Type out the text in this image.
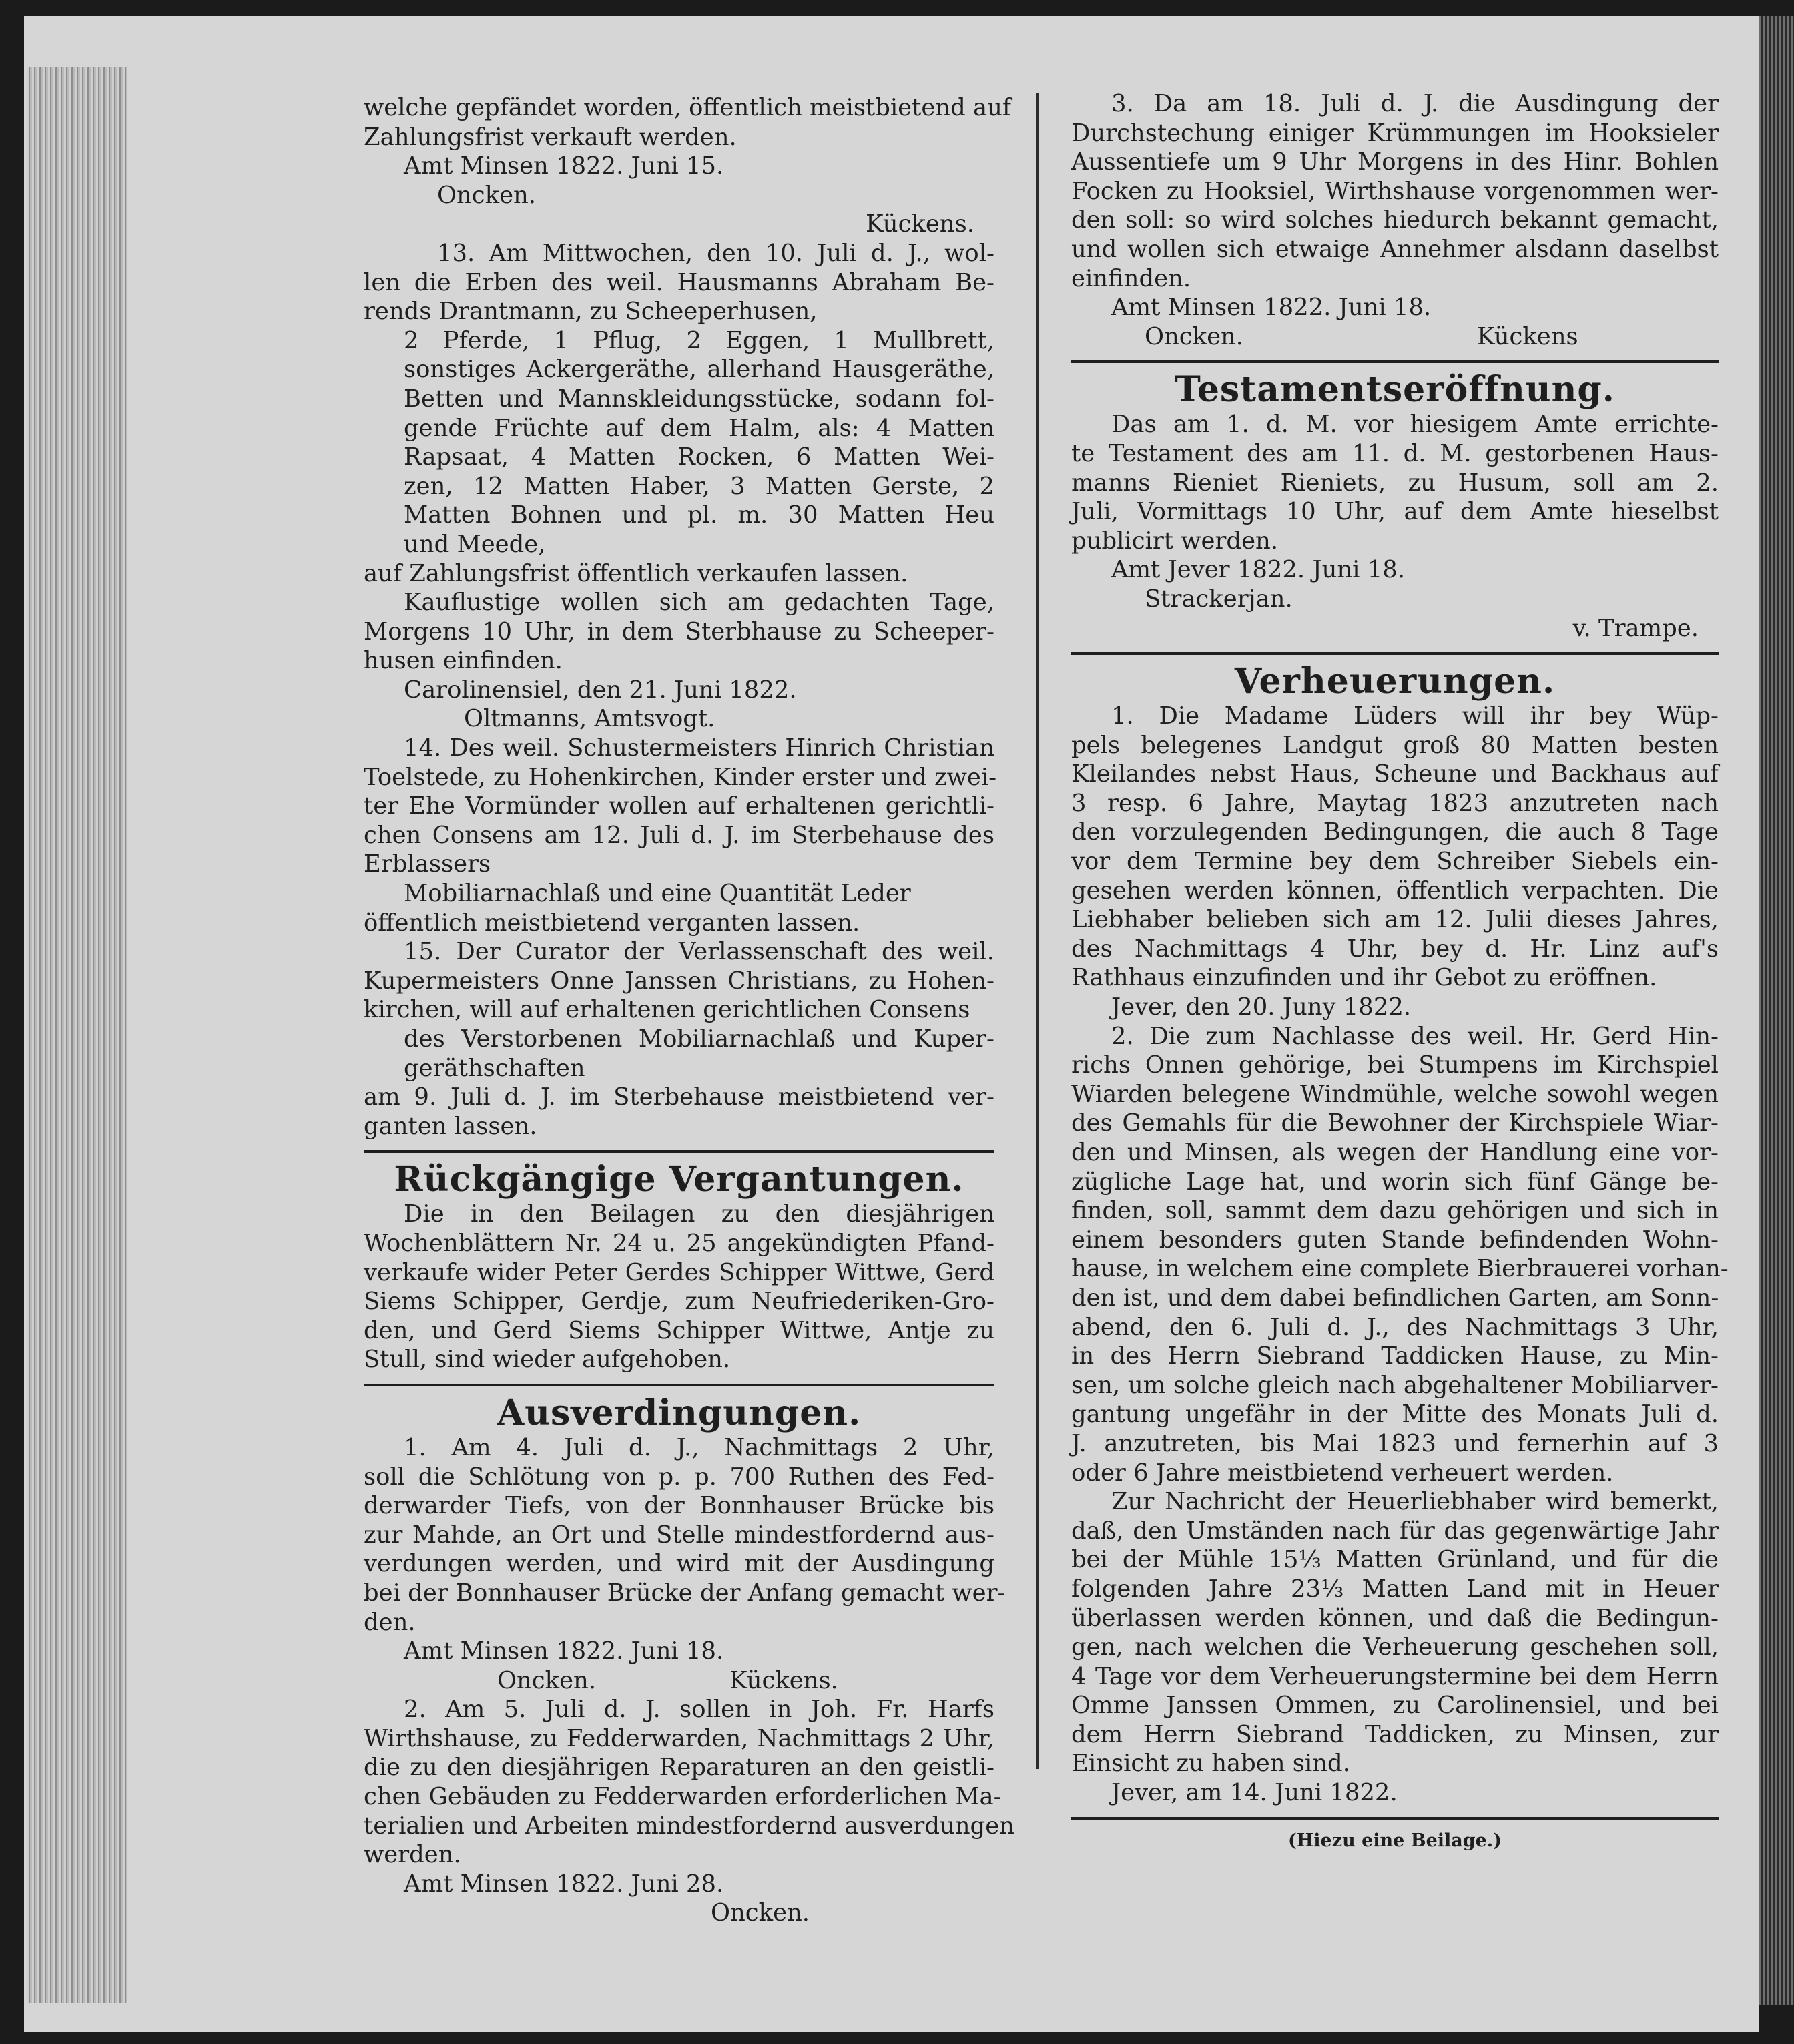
welche gepfändet worden, öffentlich meistbietend auf
Zahlungsfrist verkauft werden.
Amt Minsen 1822. Juni 15.
Oncken.
Kückens.
13. Am Mittwochen, den 10. Juli d. J., wol-
len die Erben des weil. Hausmanns Abraham Be-
rends Drantmann, zu Scheeperhusen,
2 Pferde, 1 Pflug, 2 Eggen, 1 Mullbrett,
sonstiges Ackergeräthe, allerhand Hausgeräthe,
Betten und Mannskleidungsstücke, sodann fol-
gende Früchte auf dem Halm, als: 4 Matten
Rapsaat, 4 Matten Rocken, 6 Matten Wei-
zen, 12 Matten Haber, 3 Matten Gerste, 2
Matten Bohnen und pl. m. 30 Matten Heu
und Meede,
auf Zahlungsfrist öffentlich verkaufen lassen.
Kauflustige wollen sich am gedachten Tage,
Morgens 10 Uhr, in dem Sterbhause zu Scheeper-
husen einfinden.
Carolinensiel, den 21. Juni 1822.
Oltmanns, Amtsvogt.
14. Des weil. Schustermeisters Hinrich Christian
Toelstede, zu Hohenkirchen, Kinder erster und zwei-
ter Ehe Vormünder wollen auf erhaltenen gerichtli-
chen Consens am 12. Juli d. J. im Sterbehause des
Erblassers
Mobiliarnachlaß und eine Quantität Leder
öffentlich meistbietend verganten lassen.
15. Der Curator der Verlassenschaft des weil.
Kupermeisters Onne Janssen Christians, zu Hohen-
kirchen, will auf erhaltenen gerichtlichen Consens
des Verstorbenen Mobiliarnachlaß und Kuper-
geräthschaften
am 9. Juli d. J. im Sterbehause meistbietend ver-
ganten lassen.
Rückgängige Vergantungen.
Die in den Beilagen zu den diesjährigen
Wochenblättern Nr. 24 u. 25 angekündigten Pfand-
verkaufe wider Peter Gerdes Schipper Wittwe, Gerd
Siems Schipper, Gerdje, zum Neufriederiken-Gro-
den, und Gerd Siems Schipper Wittwe, Antje zu
Stull, sind wieder aufgehoben.
Ausverdingungen.
1. Am 4. Juli d. J., Nachmittags 2 Uhr,
soll die Schlötung von p. p. 700 Ruthen des Fed-
derwarder Tiefs, von der Bonnhauser Brücke bis
zur Mahde, an Ort und Stelle mindestfordernd aus-
verdungen werden, und wird mit der Ausdingung
bei der Bonnhauser Brücke der Anfang gemacht wer-
den.
Amt Minsen 1822. Juni 18.
Oncken.	Kückens.
2. Am 5. Juli d. J. sollen in Joh. Fr. Harfs
Wirthshause, zu Fedderwarden, Nachmittags 2 Uhr,
die zu den diesjährigen Reparaturen an den geistli-
chen Gebäuden zu Fedderwarden erforderlichen Ma-
terialien und Arbeiten mindestfordernd ausverdungen
werden.
Amt Minsen 1822. Juni 28.
Oncken.
3. Da am 18. Juli d. J. die Ausdingung der
Durchstechung einiger Krümmungen im Hooksieler
Aussentiefe um 9 Uhr Morgens in des Hinr. Bohlen
Focken zu Hooksiel, Wirthshause vorgenommen wer-
den soll: so wird solches hiedurch bekannt gemacht,
und wollen sich etwaige Annehmer alsdann daselbst
einfinden.
Amt Minsen 1822. Juni 18.
Oncken.	Kückens
Testamentseröffnung.
Das am 1. d. M. vor hiesigem Amte errichte-
te Testament des am 11. d. M. gestorbenen Haus-
manns Rieniet Rieniets, zu Husum, soll am 2.
Juli, Vormittags 10 Uhr, auf dem Amte hieselbst
publicirt werden.
Amt Jever 1822. Juni 18.
Strackerjan.
v. Trampe.
Verheuerungen.
1. Die Madame Lüders will ihr bey Wüp-
pels belegenes Landgut groß 80 Matten besten
Kleilandes nebst Haus, Scheune und Backhaus auf
3 resp. 6 Jahre, Maytag 1823 anzutreten nach
den vorzulegenden Bedingungen, die auch 8 Tage
vor dem Termine bey dem Schreiber Siebels ein-
gesehen werden können, öffentlich verpachten. Die
Liebhaber belieben sich am 12. Julii dieses Jahres,
des Nachmittags 4 Uhr, bey d. Hr. Linz auf's
Rathhaus einzufinden und ihr Gebot zu eröffnen.
Jever, den 20. Juny 1822.
2. Die zum Nachlasse des weil. Hr. Gerd Hin-
richs Onnen gehörige, bei Stumpens im Kirchspiel
Wiarden belegene Windmühle, welche sowohl wegen
des Gemahls für die Bewohner der Kirchspiele Wiar-
den und Minsen, als wegen der Handlung eine vor-
zügliche Lage hat, und worin sich fünf Gänge be-
finden, soll, sammt dem dazu gehörigen und sich in
einem besonders guten Stande befindenden Wohn-
hause, in welchem eine complete Bierbrauerei vorhan-
den ist, und dem dabei befindlichen Garten, am Sonn-
abend, den 6. Juli d. J., des Nachmittags 3 Uhr,
in des Herrn Siebrand Taddicken Hause, zu Min-
sen, um solche gleich nach abgehaltener Mobiliarver-
gantung ungefähr in der Mitte des Monats Juli d.
J. anzutreten, bis Mai 1823 und fernerhin auf 3
oder 6 Jahre meistbietend verheuert werden.
Zur Nachricht der Heuerliebhaber wird bemerkt,
daß, den Umständen nach für das gegenwärtige Jahr
bei der Mühle 15⅓ Matten Grünland, und für die
folgenden Jahre 23⅓ Matten Land mit in Heuer
überlassen werden können, und daß die Bedingun-
gen, nach welchen die Verheuerung geschehen soll,
4 Tage vor dem Verheuerungstermine bei dem Herrn
Omme Janssen Ommen, zu Carolinensiel, und bei
dem Herrn Siebrand Taddicken, zu Minsen, zur
Einsicht zu haben sind.
Jever, am 14. Juni 1822.
(Hiezu eine Beilage.)
